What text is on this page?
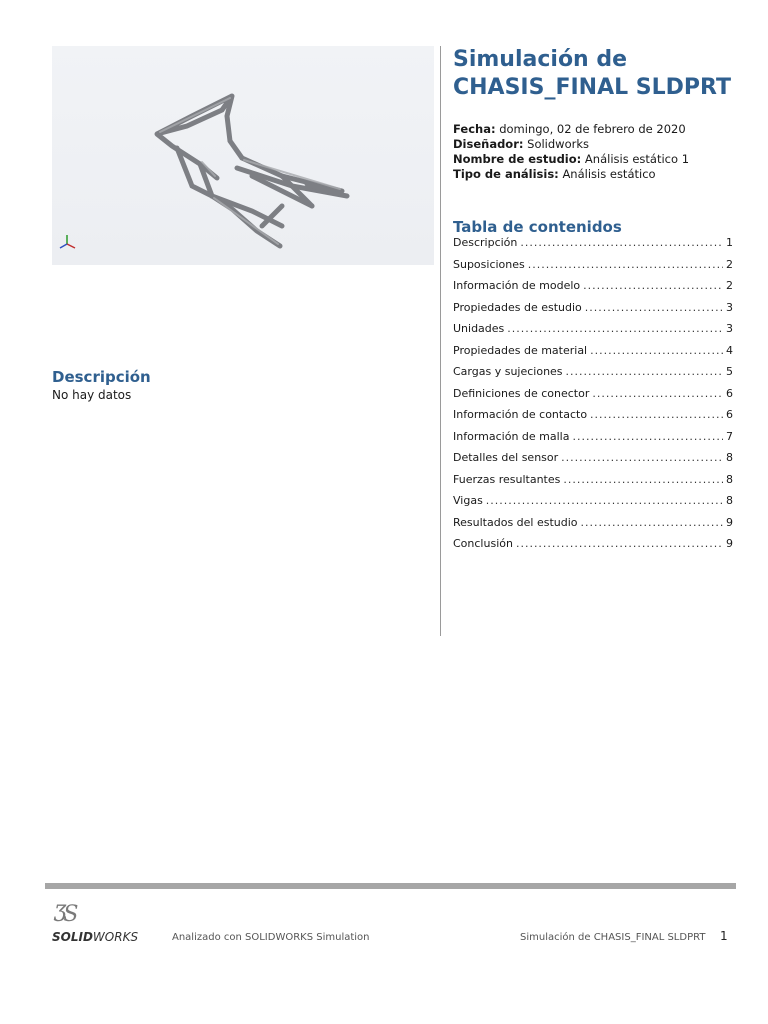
Descripción
No hay datos
Simulación de CHASIS_FINAL SLDPRT
Fecha: domingo, 02 de febrero de 2020
Diseñador: Solidworks
Nombre de estudio: Análisis estático 1
Tipo de análisis: Análisis estático
Tabla de contenidos
Descripción .....	1
Suposiciones .....	2
Información de modelo .....	2
Propiedades de estudio .....	3
Unidades .....	3
Propiedades de material .....	4
Cargas y sujeciones .....	5
Definiciones de conector .....	6
Información de contacto .....	6
Información de malla .....	7
Detalles del sensor .....	8
Fuerzas resultantes .....	8
Vigas .....	8
Resultados del estudio .....	9
Conclusión .....	9
ƷS
SOLIDWORKS	Analizado con SOLIDWORKS Simulation	Simulación de CHASIS_FINAL SLDPRT 1
